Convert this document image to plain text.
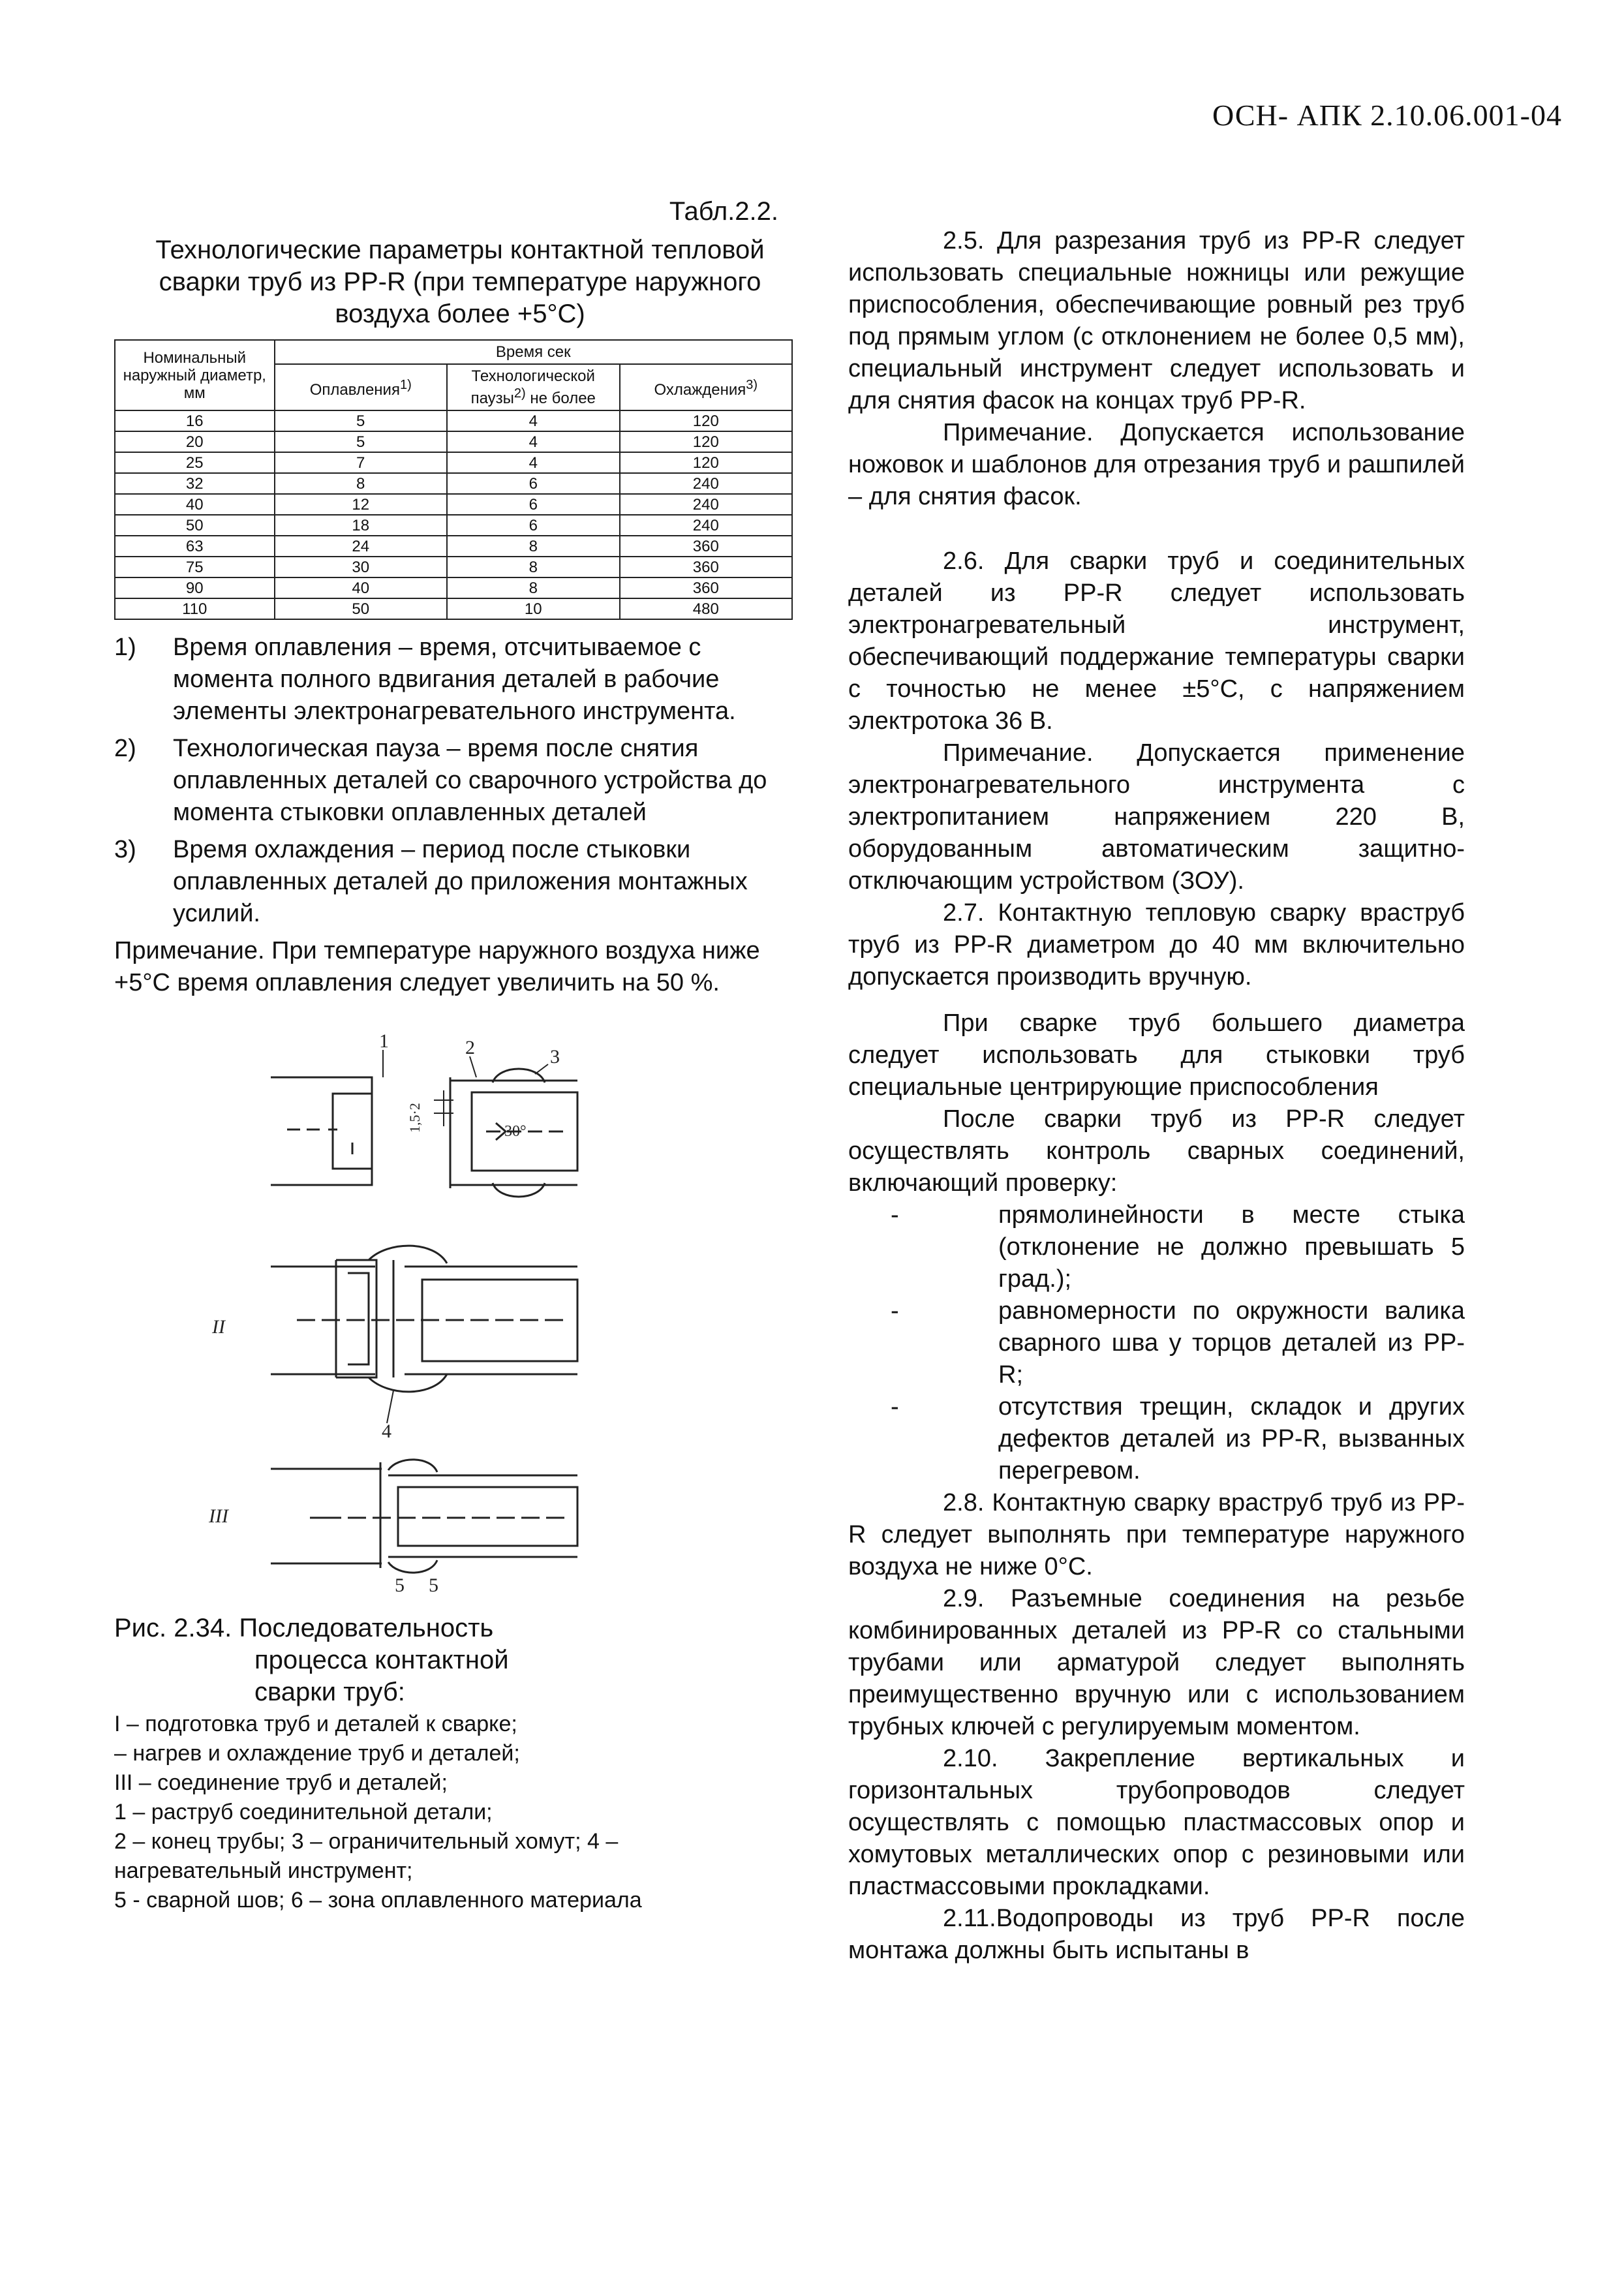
ОСН- АПК 2.10.06.001-04
Табл.2.2.
Технологические параметры контактной тепловой сварки труб из PP-R (при температуре наружного воздуха более +5°С)
Номинальный наружный диаметр, мм	Время сек		
	Оплавления$^{1)}$	Технологической паузы$^{2)}$ не более	Охлаждения$^{3)}$
16	5	4	120
20	5	4	120
25	7	4	120
32	8	6	240
40	12	6	240
50	18	6	240
63	24	8	360
75	30	8	360
90	40	8	360
110	50	10	480
1) Время оплавления – время, отсчитываемое с момента полного вдвигания деталей в рабочие элементы электронагревательного инструмента.
2) Технологическая пауза – время после снятия оплавленных деталей со сварочного устройства до момента стыковки оплавленных деталей
3) Время охлаждения – период после стыковки оплавленных деталей до приложения монтажных усилий.
Примечание. При температуре наружного воздуха ниже +5°С время оплавления следует увеличить на 50 %.
1	2	3
30°
1,5·2
II
4
III
5 5
Рис. 2.34. Последовательность
процесса контактной
сварки труб:
I – подготовка труб и деталей к сварке;
– нагрев и охлаждение труб и деталей;
III – соединение труб и деталей;
1 – раструб соединительной детали;
2 – конец трубы; 3 – ограничительный хомут; 4 – нагревательный инструмент;
5 - сварной шов; 6 – зона оплавленного материала

2.5. Для разрезания труб из PP-R следует использовать специальные ножницы или режущие приспособления, обеспечивающие ровный рез труб под прямым углом (с отклонением не более 0,5 мм), специальный инструмент следует использовать и для снятия фасок на концах труб PP-R.

Примечание. Допускается использование ножовок и шаблонов для отрезания труб и рашпилей – для снятия фасок.

2.6. Для сварки труб и соединительных деталей из PP-R следует использовать электронагревательный инструмент, обеспечивающий поддержание температуры сварки с точностью не менее ±5°С, с напряжением электротока 36 В.

Примечание. Допускается применение электронагревательного инструмента с электропитанием напряжением 220 В, оборудованным автоматическим защитно-отключающим устройством (ЗОУ).

2.7. Контактную тепловую сварку враструб труб из PP-R диаметром до 40 мм включительно допускается производить вручную.

При сварке труб большего диаметра следует использовать для стыковки труб специальные центрирующие приспособления

После сварки труб из PP-R следует осуществлять контроль сварных соединений, включающий проверку:

-	прямолинейности в месте стыка (отклонение не должно превышать 5 град.);
-	равномерности по окружности валика сварного шва у торцов деталей из PP-R;
-	отсутствия трещин, складок и других дефектов деталей из PP-R, вызванных перегревом.

2.8. Контактную сварку враструб труб из PP-R следует выполнять при температуре наружного воздуха не ниже 0°С.

2.9. Разъемные соединения на резьбе комбинированных деталей из PP-R со стальными трубами или арматурой следует выполнять преимущественно вручную или с использованием трубных ключей с регулируемым моментом.

2.10. Закрепление вертикальных и горизонтальных трубопроводов следует осуществлять с помощью пластмассовых опор и хомутовых металлических опор с резиновыми или пластмассовыми прокладками.

2.11.Водопроводы из труб PP-R после монтажа должны быть испытаны в
